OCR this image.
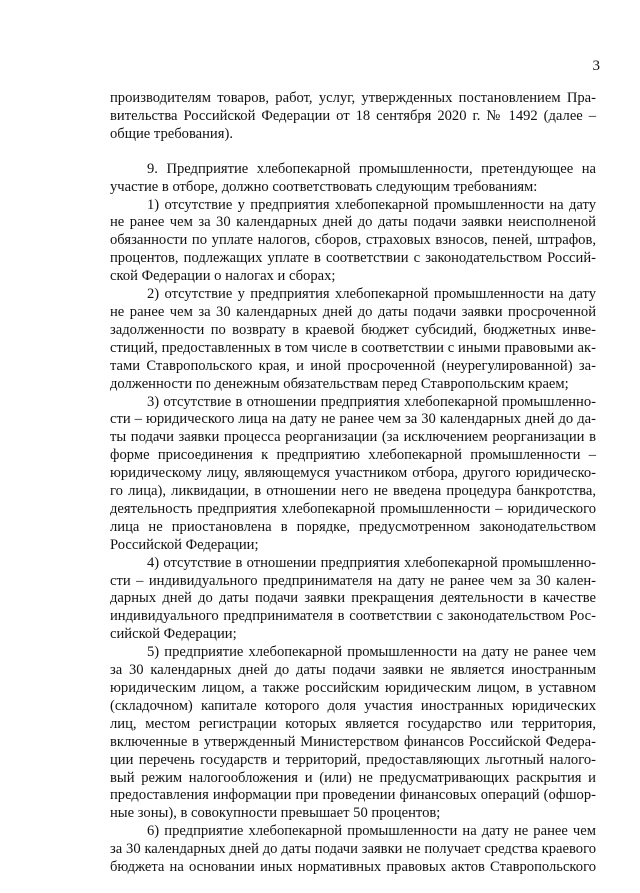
3
производителям товаров, работ, услуг, утвержденных постановлением Пра-
вительства Российской Федерации от 18 сентября 2020 г. № 1492 (далее –
общие требования).
9. Предприятие хлебопекарной промышленности, претендующее на
участие в отборе, должно соответствовать следующим требованиям:
1) отсутствие у предприятия хлебопекарной промышленности на дату
не ранее чем за 30 календарных дней до даты подачи заявки неисполненой
обязанности по уплате налогов, сборов, страховых взносов, пеней, штрафов,
процентов, подлежащих уплате в соответствии с законодательством Россий-
ской Федерации о налогах и сборах;
2) отсутствие у предприятия хлебопекарной промышленности на дату
не ранее чем за 30 календарных дней до даты подачи заявки просроченной
задолженности по возврату в краевой бюджет субсидий, бюджетных инве-
стиций, предоставленных в том числе в соответствии с иными правовыми ак-
тами Ставропольского края, и иной просроченной (неурегулированной) за-
долженности по денежным обязательствам перед Ставропольским краем;
3) отсутствие в отношении предприятия хлебопекарной промышленно-
сти – юридического лица на дату не ранее чем за 30 календарных дней до да-
ты подачи заявки процесса реорганизации (за исключением реорганизации в
форме присоединения к предприятию хлебопекарной промышленности –
юридическому лицу, являющемуся участником отбора, другого юридическо-
го лица), ликвидации, в отношении него не введена процедура банкротства,
деятельность предприятия хлебопекарной промышленности – юридического
лица не приостановлена в порядке, предусмотренном законодательством
Российской Федерации;
4) отсутствие в отношении предприятия хлебопекарной промышленно-
сти – индивидуального предпринимателя на дату не ранее чем за 30 кален-
дарных дней до даты подачи заявки прекращения деятельности в качестве
индивидуального предпринимателя в соответствии с законодательством Рос-
сийской Федерации;
5) предприятие хлебопекарной промышленности на дату не ранее чем
за 30 календарных дней до даты подачи заявки не является иностранным
юридическим лицом, а также российским юридическим лицом, в уставном
(складочном) капитале которого доля участия иностранных юридических
лиц, местом регистрации которых является государство или территория,
включенные в утвержденный Министерством финансов Российской Федера-
ции перечень государств и территорий, предоставляющих льготный налого-
вый режим налогообложения и (или) не предусматривающих раскрытия и
предоставления информации при проведении финансовых операций (офшор-
ные зоны), в совокупности превышает 50 процентов;
6) предприятие хлебопекарной промышленности на дату не ранее чем
за 30 календарных дней до даты подачи заявки не получает средства краевого
бюджета на основании иных нормативных правовых актов Ставропольского
